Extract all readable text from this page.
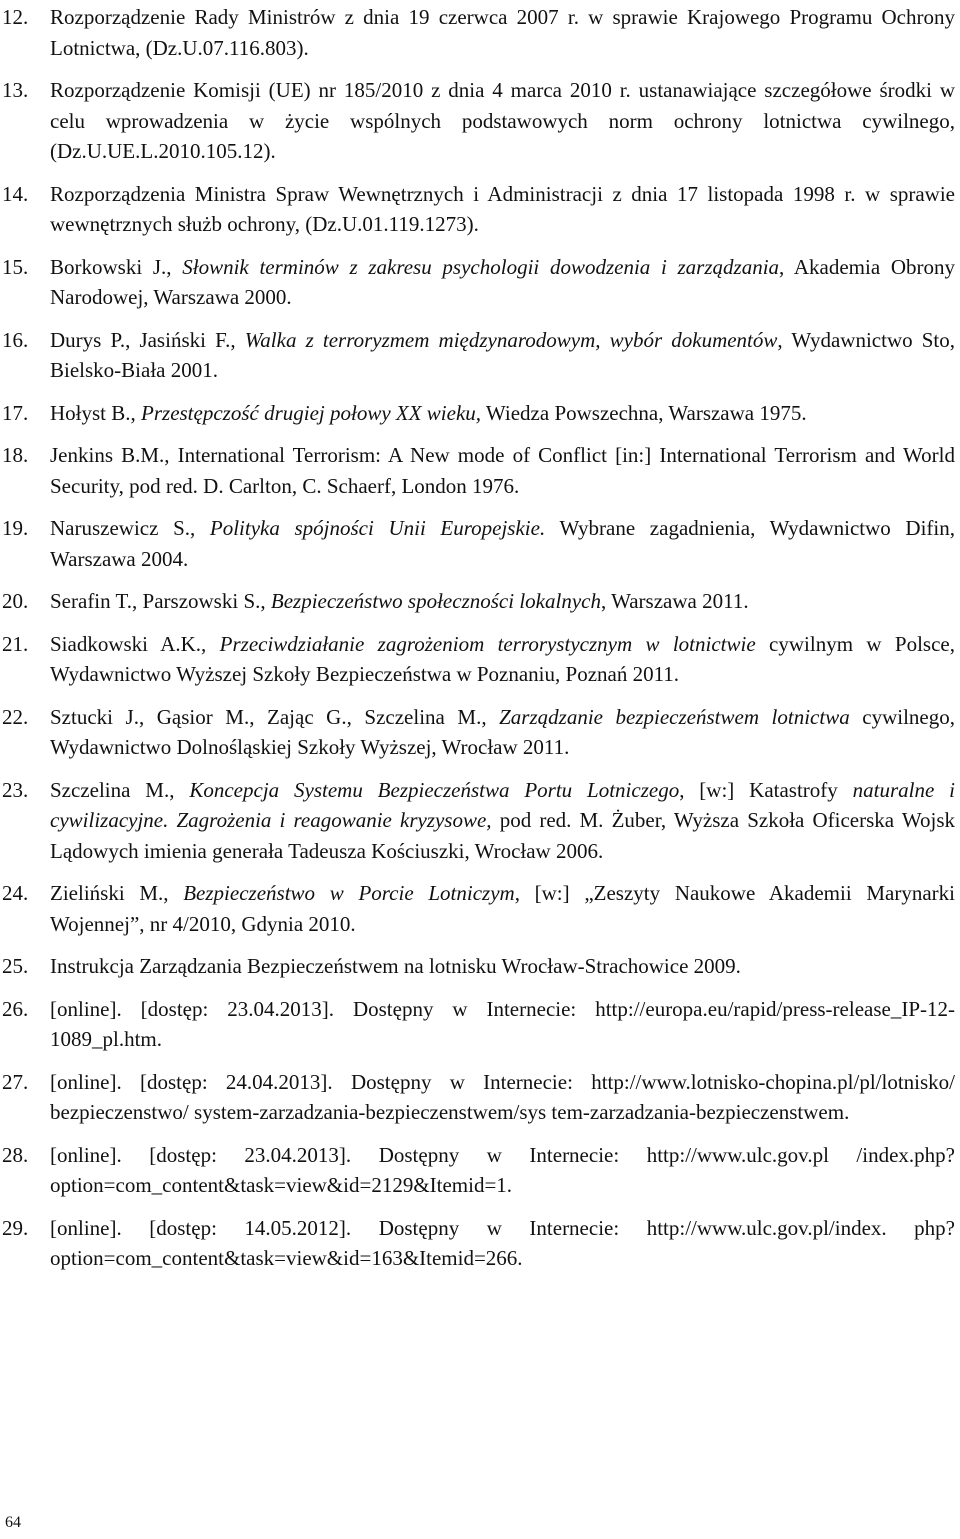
12. Rozporządzenie Rady Ministrów z dnia 19 czerwca 2007 r. w sprawie Krajowego Programu Ochrony Lotnictwa, (Dz.U.07.116.803).
13. Rozporządzenie Komisji (UE) nr 185/2010 z dnia 4 marca 2010 r. ustanawiające szczegółowe środki w celu wprowadzenia w życie wspólnych podstawowych norm ochrony lotnictwa cywilnego, (Dz.U.UE.L.2010.105.12).
14. Rozporządzenia Ministra Spraw Wewnętrznych i Administracji z dnia 17 listopada 1998 r. w sprawie wewnętrznych służb ochrony, (Dz.U.01.119.1273).
15. Borkowski J., Słownik terminów z zakresu psychologii dowodzenia i zarządzania, Akademia Obrony Narodowej, Warszawa 2000.
16. Durys P., Jasiński F., Walka z terroryzmem międzynarodowym, wybór dokumentów, Wydawnictwo Sto, Bielsko-Biała 2001.
17. Hołyst B., Przestępczość drugiej połowy XX wieku, Wiedza Powszechna, Warszawa 1975.
18. Jenkins B.M., International Terrorism: A New mode of Conflict [in:] International Terrorism and World Security, pod red. D. Carlton, C. Schaerf, London 1976.
19. Naruszewicz S., Polityka spójności Unii Europejskie. Wybrane zagadnienia, Wydawnictwo Difin, Warszawa 2004.
20. Serafin T., Parszowski S., Bezpieczeństwo społeczności lokalnych, Warszawa 2011.
21. Siadkowski A.K., Przeciwdziałanie zagrożeniom terrorystycznym w lotnictwie cywilnym w Polsce, Wydawnictwo Wyższej Szkoły Bezpieczeństwa w Poznaniu, Poznań 2011.
22. Sztucki J., Gąsior M., Zając G., Szczelina M., Zarządzanie bezpieczeństwem lotnictwa cywilnego, Wydawnictwo Dolnośląskiej Szkoły Wyższej, Wrocław 2011.
23. Szczelina M., Koncepcja Systemu Bezpieczeństwa Portu Lotniczego, [w:] Katastrofy naturalne i cywilizacyjne. Zagrożenia i reagowanie kryzysowe, pod red. M. Żuber, Wyższa Szkoła Oficerska Wojsk Lądowych imienia generała Tadeusza Kościuszki, Wrocław 2006.
24. Zieliński M., Bezpieczeństwo w Porcie Lotniczym, [w:] „Zeszyty Naukowe Akademii Marynarki Wojennej”, nr 4/2010, Gdynia 2010.
25. Instrukcja Zarządzania Bezpieczeństwem na lotnisku Wrocław-Strachowice 2009.
26. [online]. [dostęp: 23.04.2013]. Dostępny w Internecie: http://europa.eu/rapid/press-release_IP-12-1089_pl.htm.
27. [online]. [dostęp: 24.04.2013]. Dostępny w Internecie: http://www.lotnisko-chopina.pl/pl/lotnisko/ bezpieczenstwo/ system-zarzadzania-bezpieczenstwem/sys tem-zarzadzania-bezpieczenstwem.
28. [online]. [dostęp: 23.04.2013]. Dostępny w Internecie: http://www.ulc.gov.pl /index.php?option=com_content&task=view&id=2129&Itemid=1.
29. [online]. [dostęp: 14.05.2012]. Dostępny w Internecie: http://www.ulc.gov.pl/index. php?option=com_content&task=view&id=163&Itemid=266.
64
